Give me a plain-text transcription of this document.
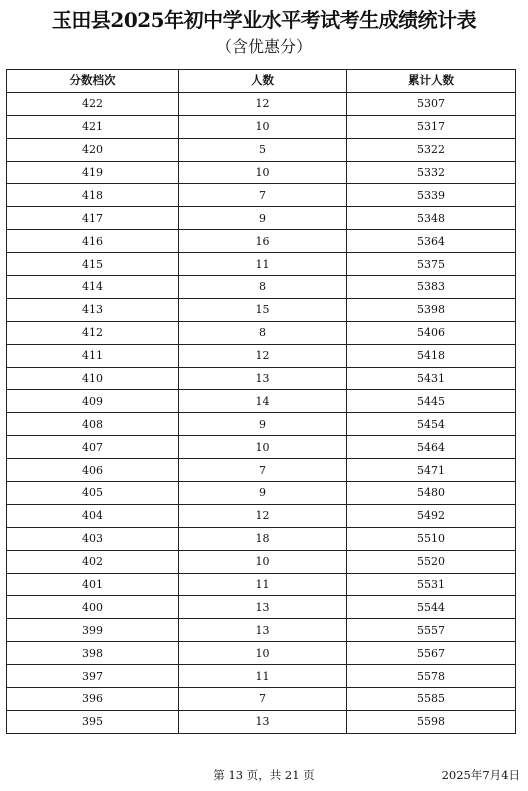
玉田县2025年初中学业水平考试考生成绩统计表
（含优惠分）
分数档次	人数	累计人数
422	12	5307
421	10	5317
420	5	5322
419	10	5332
418	7	5339
417	9	5348
416	16	5364
415	11	5375
414	8	5383
413	15	5398
412	8	5406
411	12	5418
410	13	5431
409	14	5445
408	9	5454
407	10	5464
406	7	5471
405	9	5480
404	12	5492
403	18	5510
402	10	5520
401	11	5531
400	13	5544
399	13	5557
398	10	5567
397	11	5578
396	7	5585
395	13	5598
第 13 页，共 21 页	2025年7月4日
